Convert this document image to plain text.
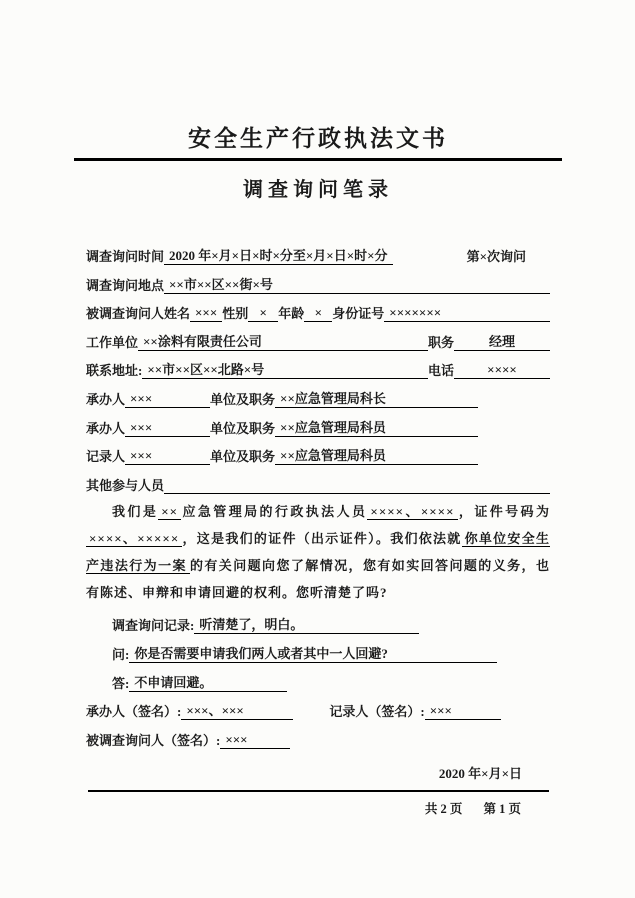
安全生产行政执法文书
调查询问笔录
调查询问时间 2020 年×月×日×时×分至×月×日×时×分	第×次询问
调查询问地点 ××市××区××街×号
被调查询问人姓名 ××× 性别 × 年龄 × 身份证号 ×××××××
工作单位 ××涂料有限责任公司	职务	经理
联系地址: ××市××区××北路×号	电话	××××
承办人 ×××	单位及职务 ××应急管理局科长
承办人 ×××	单位及职务 ××应急管理局科员
记录人 ×××	单位及职务 ××应急管理局科员
其他参与人员

我们是 ×× 应急管理局的行政执法人员 ××××、×××× ，证件号码为××××、××××× ，这是我们的证件（出示证件）。我们依法就 你单位安全生产违法行为一案 的有关问题向您了解情况，您有如实回答问题的义务，也有陈述、申辩和申请回避的权利。您听清楚了吗?

调查询问记录: 听清楚了，明白。
问: 你是否需要申请我们两人或者其中一人回避?
答: 不申请回避。
承办人（签名）: ×××、×××	记录人（签名）: ×××
被调查询问人（签名）: ×××
2020 年×月×日
共 2 页 第 1 页
